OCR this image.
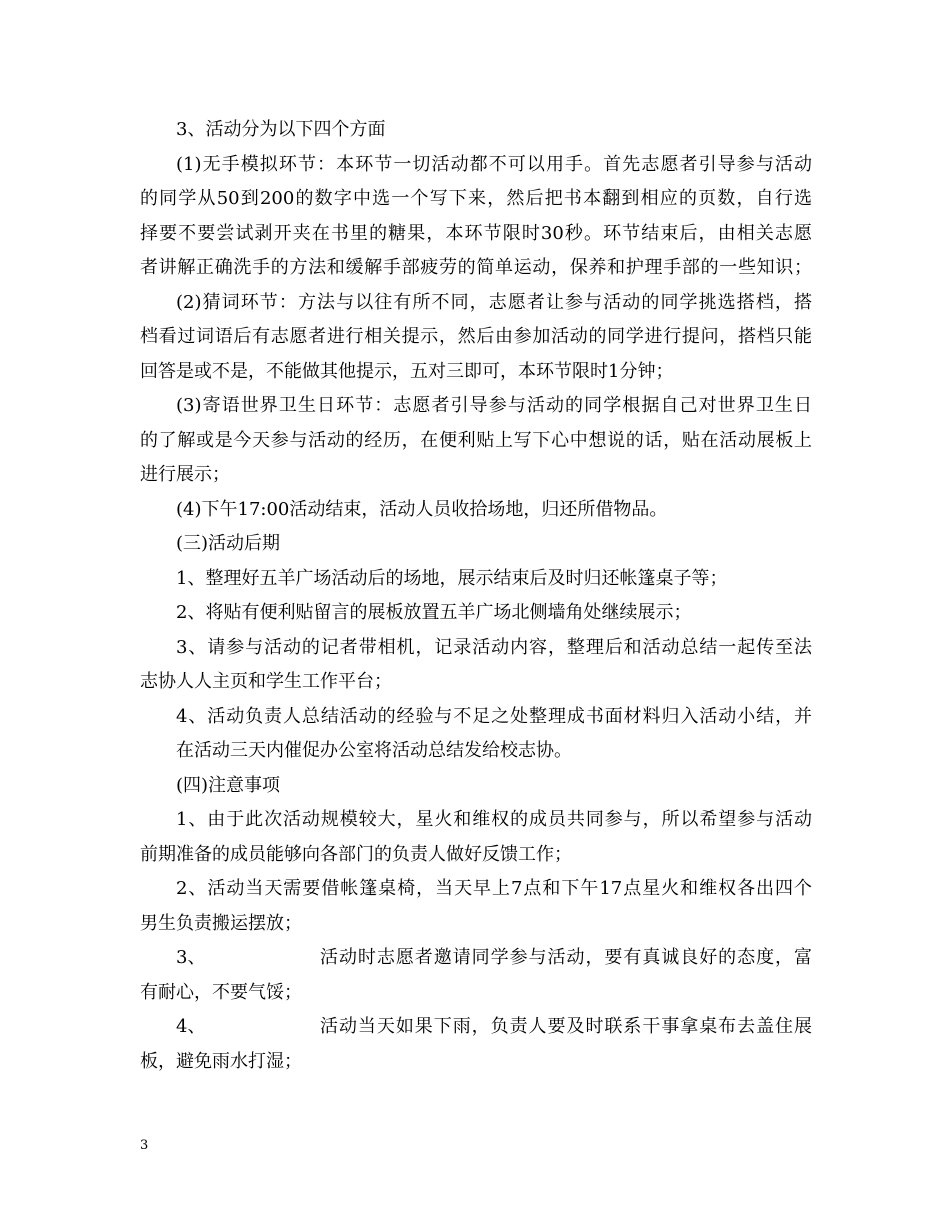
3、活动分为以下四个方面
(1)无手模拟环节：本环节一切活动都不可以用手。首先志愿者引导参与活动
的同学从50到200的数字中选一个写下来，然后把书本翻到相应的页数，自行选
择要不要尝试剥开夹在书里的糖果，本环节限时30秒。环节结束后，由相关志愿
者讲解正确洗手的方法和缓解手部疲劳的简单运动，保养和护理手部的一些知识；
(2)猜词环节：方法与以往有所不同，志愿者让参与活动的同学挑选搭档，搭
档看过词语后有志愿者进行相关提示，然后由参加活动的同学进行提问，搭档只能
回答是或不是，不能做其他提示，五对三即可，本环节限时1分钟；
(3)寄语世界卫生日环节：志愿者引导参与活动的同学根据自己对世界卫生日
的了解或是今天参与活动的经历，在便利贴上写下心中想说的话，贴在活动展板上
进行展示；
(4)下午17:00活动结束，活动人员收拾场地，归还所借物品。
(三)活动后期
1、整理好五羊广场活动后的场地，展示结束后及时归还帐篷桌子等；
2、将贴有便利贴留言的展板放置五羊广场北侧墙角处继续展示；
3、请参与活动的记者带相机，记录活动内容，整理后和活动总结一起传至法
志协人人主页和学生工作平台；
4、活动负责人总结活动的经验与不足之处整理成书面材料归入活动小结，并
在活动三天内催促办公室将活动总结发给校志协。
(四)注意事项
1、由于此次活动规模较大，星火和维权的成员共同参与，所以希望参与活动
前期准备的成员能够向各部门的负责人做好反馈工作；
2、活动当天需要借帐篷桌椅，当天早上7点和下午17点星火和维权各出四个
男生负责搬运摆放；
3、	活动时志愿者邀请同学参与活动，要有真诚良好的态度，富
有耐心，不要气馁；
4、	活动当天如果下雨，负责人要及时联系干事拿桌布去盖住展
板，避免雨水打湿；
3
